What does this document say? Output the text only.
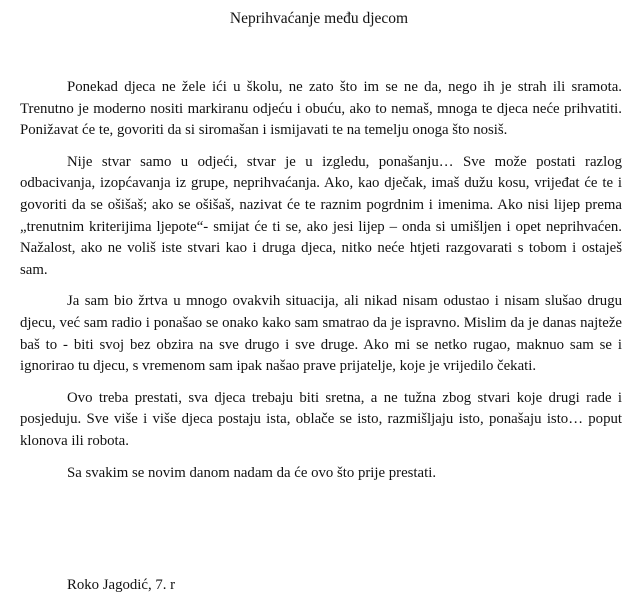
Neprihvaćanje među djecom

Ponekad djeca ne žele ići u školu, ne zato što im se ne da, nego ih je strah ili sramota. Trenutno je moderno nositi markiranu odjeću i obuću, ako to nemaš, mnoga te djeca neće prihvatiti. Ponižavat će te, govoriti da si siromašan i ismijavati te na temelju onoga što nosiš.

Nije stvar samo u odjeći, stvar je u izgledu, ponašanju… Sve može postati razlog odbacivanja, izopćavanja iz grupe, neprihvaćanja. Ako, kao dječak, imaš dužu kosu, vrijeđat će te i govoriti da se ošišaš; ako se ošišaš, nazivat će te raznim pogrdnim i imenima. Ako nisi lijep prema „trenutnim kriterijima ljepote“- smijat će ti se, ako jesi lijep – onda si umišljen i opet neprihvaćen. Nažalost, ako ne voliš iste stvari kao i druga djeca, nitko neće htjeti razgovarati s tobom i ostaješ sam.

Ja sam bio žrtva u mnogo ovakvih situacija, ali nikad nisam odustao i nisam slušao drugu djecu, već sam radio i ponašao se onako kako sam smatrao da je ispravno. Mislim da je danas najteže baš to - biti svoj bez obzira na sve drugo i sve druge. Ako mi se netko rugao, maknuo sam se i ignorirao tu djecu, s vremenom sam ipak našao prave prijatelje, koje je vrijedilo čekati.

Ovo treba prestati, sva djeca trebaju biti sretna, a ne tužna zbog stvari koje drugi rade i posjeduju. Sve više i više djeca postaju ista, oblače se isto, razmišljaju isto, ponašaju isto… poput klonova ili robota.

Sa svakim se novim danom nadam da će ovo što prije prestati.

Roko Jagodić, 7. r
